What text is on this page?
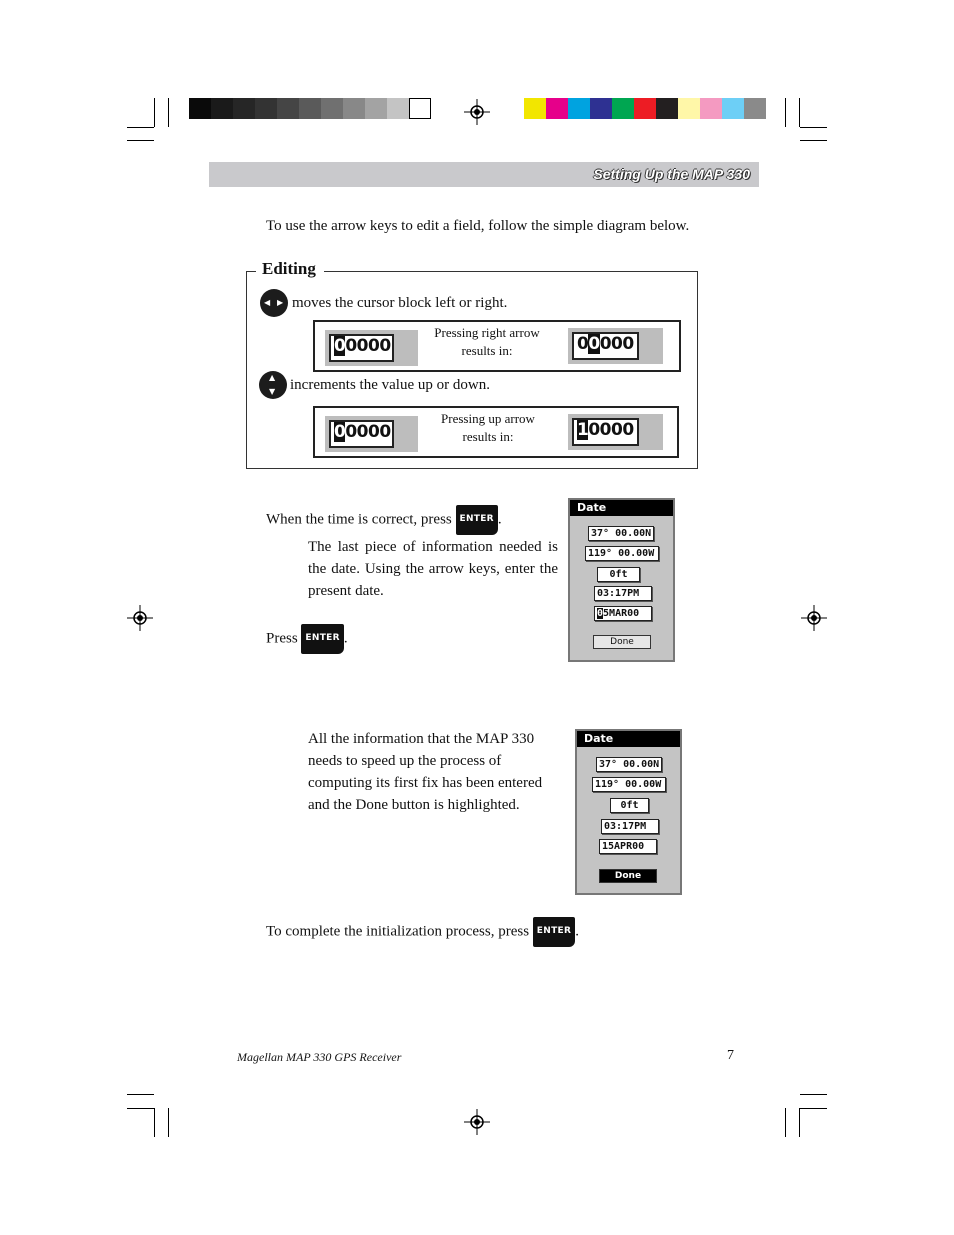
Setting Up the MAP 330
To use the arrow keys to edit a field, follow the simple diagram below.
Editing
◀ ▶ moves the cursor block left or right.
00000
Pressing right arrow results in:	00000
▲
▼ increments the value up or down.
00000
Pressing up arrow results in:	10000
When the time is correct, press ENTER .
The last piece of information needed is the date. Using the arrow keys, enter the present date.
Press ENTER .
Date
37° 00.00N
119° 00.00W
0ft
03:17PM
05MAR00
Done
All the information that the MAP 330 needs to speed up the process of computing its first fix has been entered and the Done button is highlighted.
Date
37° 00.00N
119° 00.00W
0ft
03:17PM
15APR00
Done
To complete the initialization process, press ENTER .
Magellan MAP 330 GPS Receiver	7
